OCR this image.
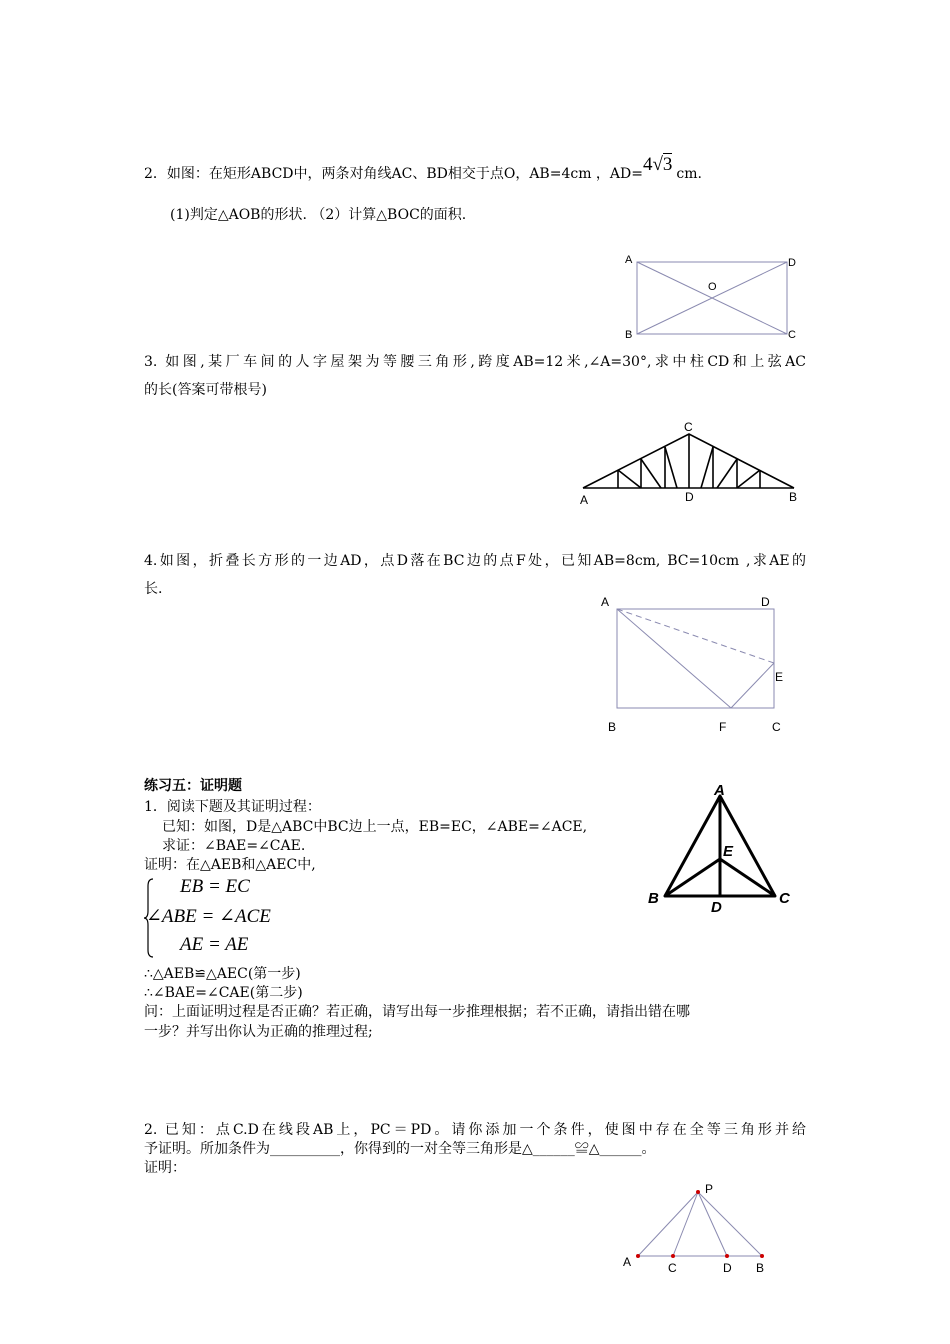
2．如图：在矩形ABCD中，两条对角线AC、BD相交于点O，AB=4cm ，AD=4√3 cm.
(1)判定△AOB的形状. （2）计算△BOC的面积.
A	D
O
B	C
3. 如图,某厂车间的人字屋架为等腰三角形,跨度AB=12米,∠A=30°,求中柱CD和上弦AC
的长(答案可带根号)
C
A	D	B
4.如图，折叠长方形的一边AD，点D落在BC边的点F处，已知AB=8cm, BC=10cm ,求AE的
长.
A	D
E
B	F	C
练习五：证明题
1．阅读下题及其证明过程：
已知：如图，D是△ABC中BC边上一点，EB=EC，∠ABE=∠ACE,
求证：∠BAE=∠CAE.
证明：在△AEB和△AEC中,
EB = EC
∠ABE = ∠ACE
AE = AE
∴△AEB≌△AEC(第一步)
∴∠BAE=∠CAE(第二步)
问：上面证明过程是否正确？若正确，请写出每一步推理根据；若不正确，请指出错在哪
一步？并写出你认为正确的推理过程;
A
E
B	C
D
2. 已知：点C.D在线段AB上，PC＝PD。请你添加一个条件，使图中存在全等三角形并给
予证明。所加条件为__________，你得到的一对全等三角形是△______≌△______。
证明：
P
A	C	D B
